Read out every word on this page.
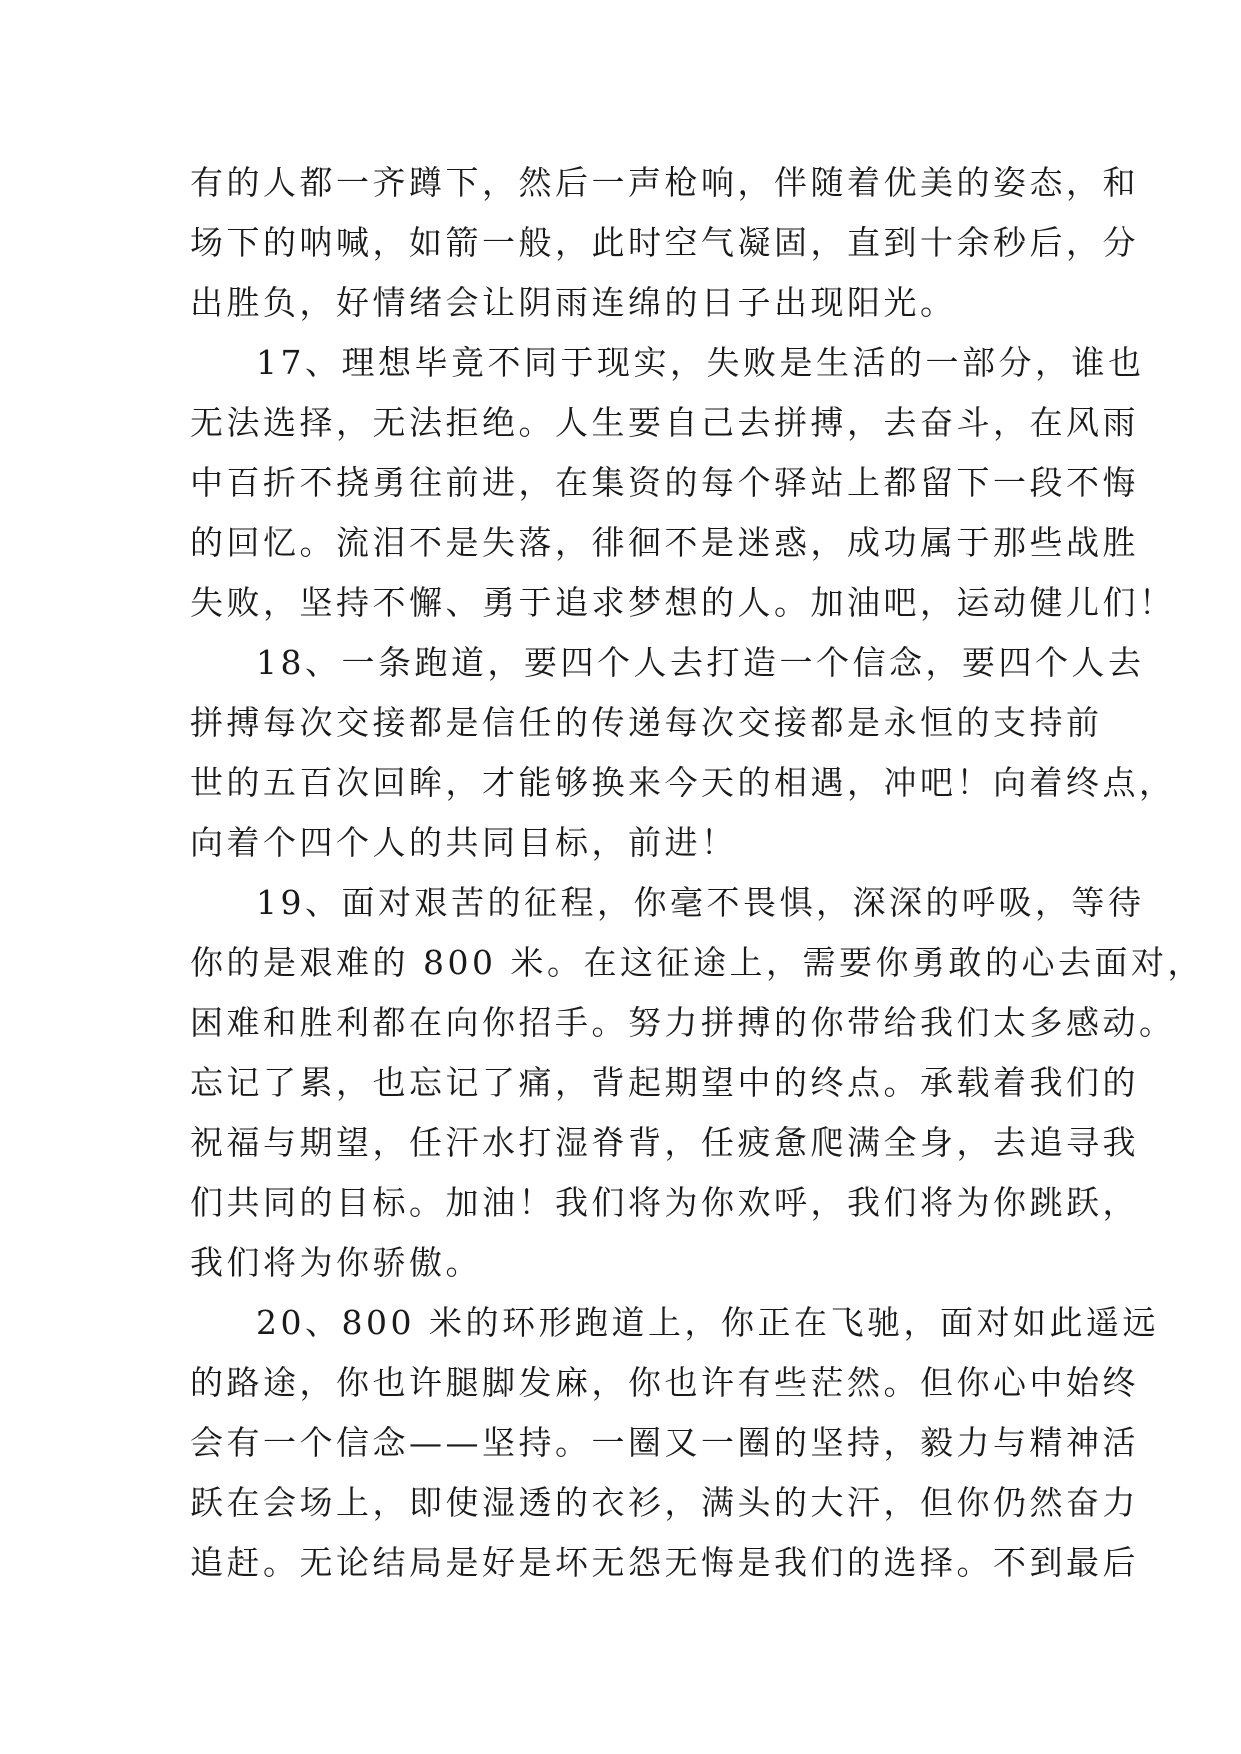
有的人都一齐蹲下，然后一声枪响，伴随着优美的姿态，和
场下的呐喊，如箭一般，此时空气凝固，直到十余秒后，分
出胜负，好情绪会让阴雨连绵的日子出现阳光。
17、理想毕竟不同于现实，失败是生活的一部分，谁也
无法选择，无法拒绝。人生要自己去拼搏，去奋斗，在风雨
中百折不挠勇往前进，在集资的每个驿站上都留下一段不悔
的回忆。流泪不是失落，徘徊不是迷惑，成功属于那些战胜
失败，坚持不懈、勇于追求梦想的人。加油吧，运动健儿们！
18、一条跑道，要四个人去打造一个信念，要四个人去
拼搏每次交接都是信任的传递每次交接都是永恒的支持前
世的五百次回眸，才能够换来今天的相遇，冲吧！向着终点，
向着个四个人的共同目标，前进！
19、面对艰苦的征程，你毫不畏惧，深深的呼吸，等待
你的是艰难的 800 米。在这征途上，需要你勇敢的心去面对，
困难和胜利都在向你招手。努力拼搏的你带给我们太多感动。
忘记了累，也忘记了痛，背起期望中的终点。承载着我们的
祝福与期望，任汗水打湿脊背，任疲惫爬满全身，去追寻我
们共同的目标。加油！我们将为你欢呼，我们将为你跳跃，
我们将为你骄傲。
20、800 米的环形跑道上，你正在飞驰，面对如此遥远
的路途，你也许腿脚发麻，你也许有些茫然。但你心中始终
会有一个信念——坚持。一圈又一圈的坚持，毅力与精神活
跃在会场上，即使湿透的衣衫，满头的大汗，但你仍然奋力
追赶。无论结局是好是坏无怨无悔是我们的选择。不到最后
